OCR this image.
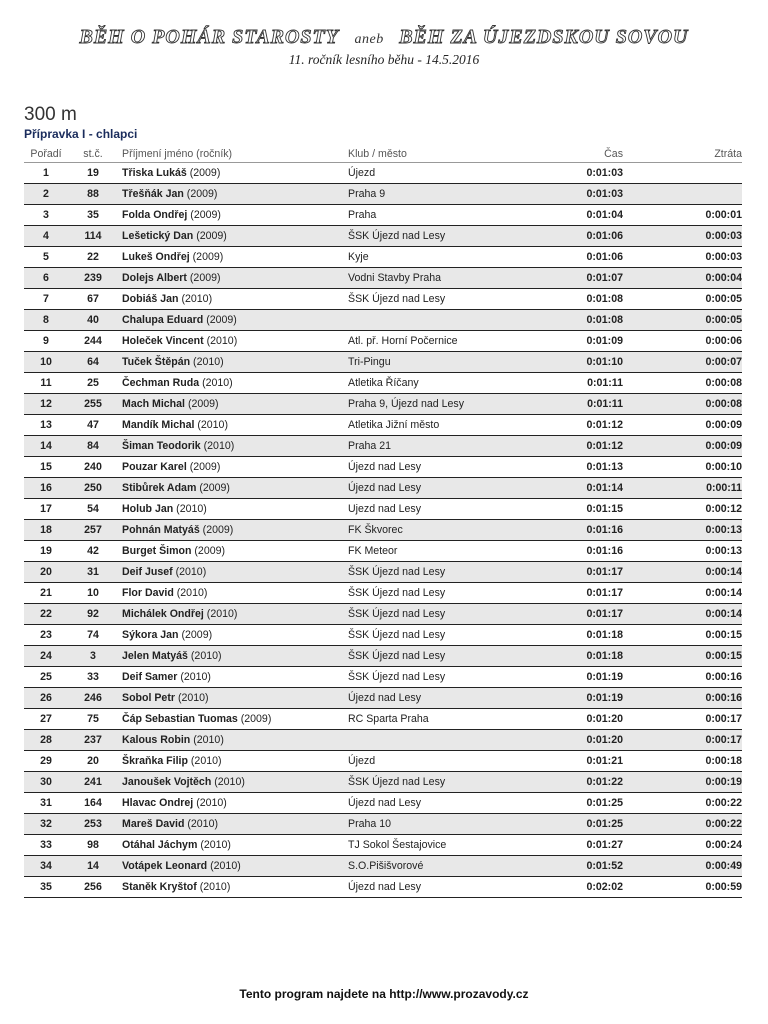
BĚH O POHÁR STAROSTY aneb BĚH ZA ÚJEZDSKOU SOVOU
11. ročník lesního běhu - 14.5.2016
300 m
Přípravka I - chlapci
Pořadí	st.č.	Příjmení jméno (ročník)	Klub / město	Čas	Ztráta
1	19	Třiska Lukáš (2009)	Újezd	0:01:03	
2	88	Třešňák Jan (2009)	Praha 9	0:01:03	
3	35	Folda Ondřej (2009)	Praha	0:01:04	0:00:01
4	114	Lešetický Dan (2009)	ŠSK Újezd nad Lesy	0:01:06	0:00:03
5	22	Lukeš Ondřej (2009)	Kyje	0:01:06	0:00:03
6	239	Dolejs Albert (2009)	Vodni Stavby Praha	0:01:07	0:00:04
7	67	Dobiáš Jan (2010)	ŠSK Újezd nad Lesy	0:01:08	0:00:05
8	40	Chalupa Eduard (2009)		0:01:08	0:00:05
9	244	Holeček Vincent (2010)	Atl. př. Horní Počernice	0:01:09	0:00:06
10	64	Tuček Štěpán (2010)	Tri-Pingu	0:01:10	0:00:07
11	25	Čechman Ruda (2010)	Atletika Říčany	0:01:11	0:00:08
12	255	Mach Michal (2009)	Praha 9, Újezd nad Lesy	0:01:11	0:00:08
13	47	Mandík Michal (2010)	Atletika Jižní město	0:01:12	0:00:09
14	84	Šiman Teodorik (2010)	Praha 21	0:01:12	0:00:09
15	240	Pouzar Karel (2009)	Újezd nad Lesy	0:01:13	0:00:10
16	250	Stibůrek Adam (2009)	Újezd nad Lesy	0:01:14	0:00:11
17	54	Holub Jan (2010)	Ujezd nad Lesy	0:01:15	0:00:12
18	257	Pohnán Matyáš (2009)	FK Škvorec	0:01:16	0:00:13
19	42	Burget Šimon (2009)	FK Meteor	0:01:16	0:00:13
20	31	Deif Jusef (2010)	ŠSK Újezd nad Lesy	0:01:17	0:00:14
21	10	Flor David (2010)	ŠSK Újezd nad Lesy	0:01:17	0:00:14
22	92	Michálek Ondřej (2010)	ŠSK Újezd nad Lesy	0:01:17	0:00:14
23	74	Sýkora Jan (2009)	ŠSK Újezd nad Lesy	0:01:18	0:00:15
24	3	Jelen Matyáš (2010)	ŠSK Újezd nad Lesy	0:01:18	0:00:15
25	33	Deif Samer (2010)	ŠSK Újezd nad Lesy	0:01:19	0:00:16
26	246	Sobol Petr (2010)	Újezd nad Lesy	0:01:19	0:00:16
27	75	Čáp Sebastian Tuomas (2009)	RC Sparta Praha	0:01:20	0:00:17
28	237	Kalous Robin (2010)		0:01:20	0:00:17
29	20	Škraňka Filip (2010)	Újezd	0:01:21	0:00:18
30	241	Janoušek Vojtěch (2010)	ŠSK Újezd nad Lesy	0:01:22	0:00:19
31	164	Hlavac Ondrej (2010)	Újezd nad Lesy	0:01:25	0:00:22
32	253	Mareš David (2010)	Praha 10	0:01:25	0:00:22
33	98	Otáhal Jáchym (2010)	TJ Sokol Šestajovice	0:01:27	0:00:24
34	14	Votápek Leonard (2010)	S.O.Pišišvorové	0:01:52	0:00:49
35	256	Staněk Kryštof (2010)	Újezd nad Lesy	0:02:02	0:00:59
Tento program najdete na http://www.prozavody.cz
